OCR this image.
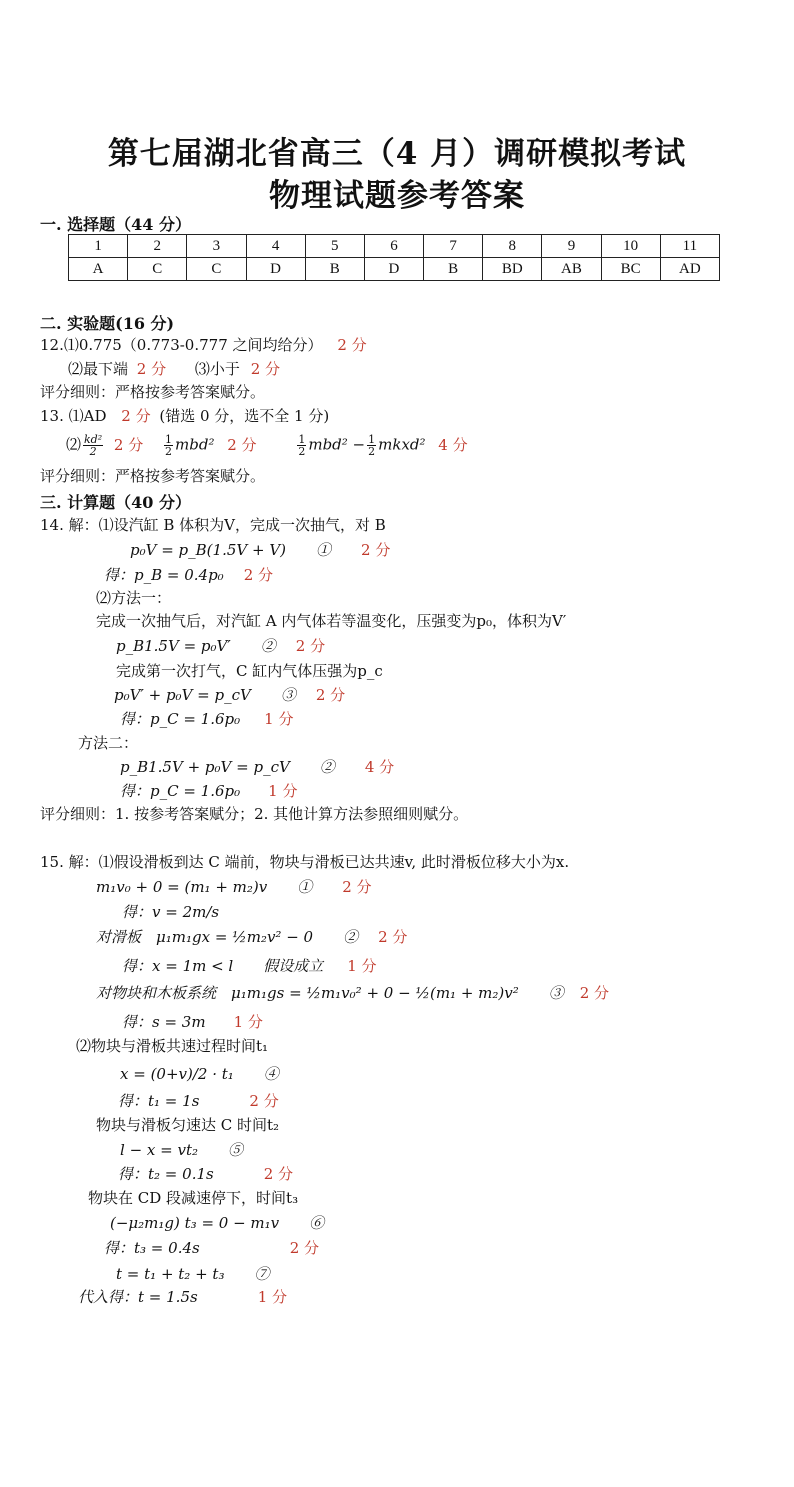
第七届湖北省高三（4 月）调研模拟考试
物理试题参考答案
一. 选择题（44 分）
1	2	3	4	5	6	7	8	9	10	11
A	C	C	D	B	D	B	BD	AB	BC	AD
二. 实验题(16 分)
12.⑴0.775（0.773-0.777 之间均给分） 2 分
⑵最下端 2 分 ⑶小于 2 分
评分细则：严格按参考答案赋分。
13. ⑴AD 2 分 (错选 0 分，选不全 1 分)
⑵ $\frac{\text{kd²}}{2} 2$ 分 $\frac{1}{2} mbd^2$ 2 分	$\frac{1}{2} mbd^2 - \frac{1}{2}$ mkxd² 4 分
评分细则：严格按参考答案赋分。
三. 计算题（40 分）
14. 解：⑴设汽缸 B 体积为V，完成一次抽气，对 B
p₀V = p_B(1.5V + V)　　① 2 分
得：p_B = 0.4p₀ 2 分
⑵方法一：
完成一次抽气后，对汽缸 A 内气体若等温变化，压强变为p₀，体积为V′
p_B1.5V = p₀V′　　② 2 分
完成第一次打气，C 缸内气体压强为p_c
p₀V′ + p₀V = p_cV　　③ 2 分
得：p_C = 1.6p₀ 1 分
方法二：
p_B1.5V + p₀V = p_cV　　② 4 分
得：p_C = 1.6p₀ 1 分
评分细则：1. 按参考答案赋分；2. 其他计算方法参照细则赋分。
15. 解：⑴假设滑板到达 C 端前，物块与滑板已达共速v, 此时滑板位移大小为x.
m₁v₀ + 0 = (m₁ + m₂)v　　① 2 分
得：v = 2m/s
对滑板　μ₁m₁gx = ½m₂v² − 0　　② 2 分
得：x = 1m < l　　假设成立 1 分
对物块和木板系统　μ₁m₁gs = ½m₁v₀² + 0 − ½(m₁ + m₂)v²　　③ 2 分
得：s = 3m 1 分
⑵物块与滑板共速过程时间t₁
x = (0+v)/2 · t₁　　④
得：t₁ = 1s	2 分
物块与滑板匀速达 C 时间t₂
l − x = vt₂　　⑤
得：t₂ = 0.1s	2 分
物块在 CD 段减速停下，时间t₃
(−μ₂m₁g) t₃ = 0 − m₁v　　⑥
得：t₃ = 0.4s	2 分
t = t₁ + t₂ + t₃　　⑦
代入得：t = 1.5s	1 分
